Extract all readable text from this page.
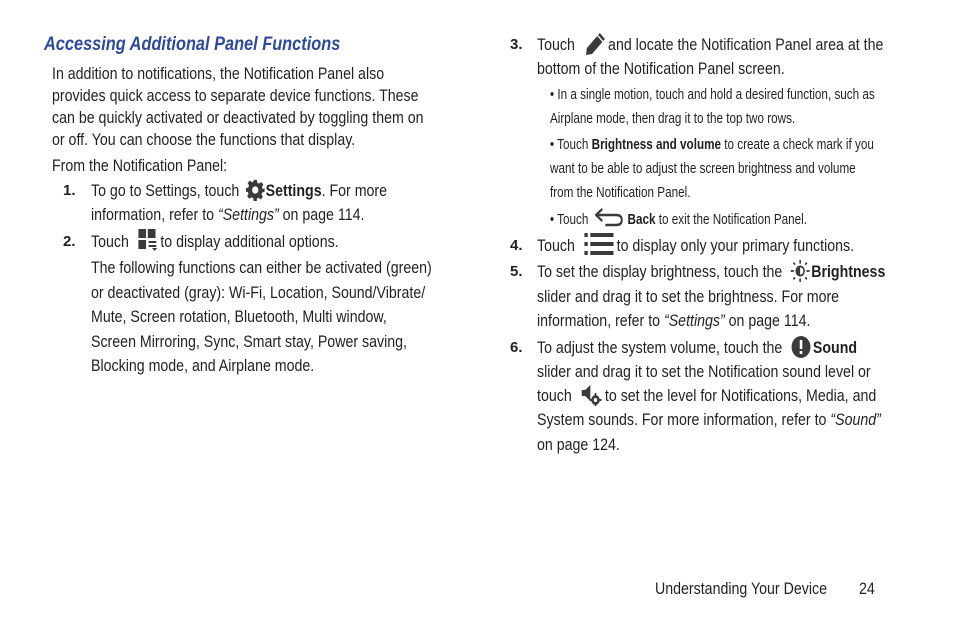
Accessing Additional Panel Functions
In addition to notifications, the Notification Panel also
provides quick access to separate device functions. These
can be quickly activated or deactivated by toggling them on
or off. You can choose the functions that display.
From the Notification Panel:
1. To go to Settings, touch Settings. For more
information, refer to “Settings” on page 114.
2. Touch to display additional options.
The following functions can either be activated (green)
or deactivated (gray): Wi-Fi, Location, Sound/Vibrate/
Mute, Screen rotation, Bluetooth, Multi window,
Screen Mirroring, Sync, Smart stay, Power saving,
Blocking mode, and Airplane mode.
3. Touch and locate the Notification Panel area at the
bottom of the Notification Panel screen.
• In a single motion, touch and hold a desired function, such as
Airplane mode, then drag it to the top two rows.
• Touch Brightness and volume to create a check mark if you
want to be able to adjust the screen brightness and volume
from the Notification Panel.
• Touch	Back to exit the Notification Panel.
4. Touch	to display only your primary functions.
5. To set the display brightness, touch the Brightness
slider and drag it to set the brightness. For more
information, refer to “Settings” on page 114.
6. To adjust the system volume, touch the Sound
slider and drag it to set the Notification sound level or
touch to set the level for Notifications, Media, and
System sounds. For more information, refer to “Sound”
on page 124.
Understanding Your Device	24
